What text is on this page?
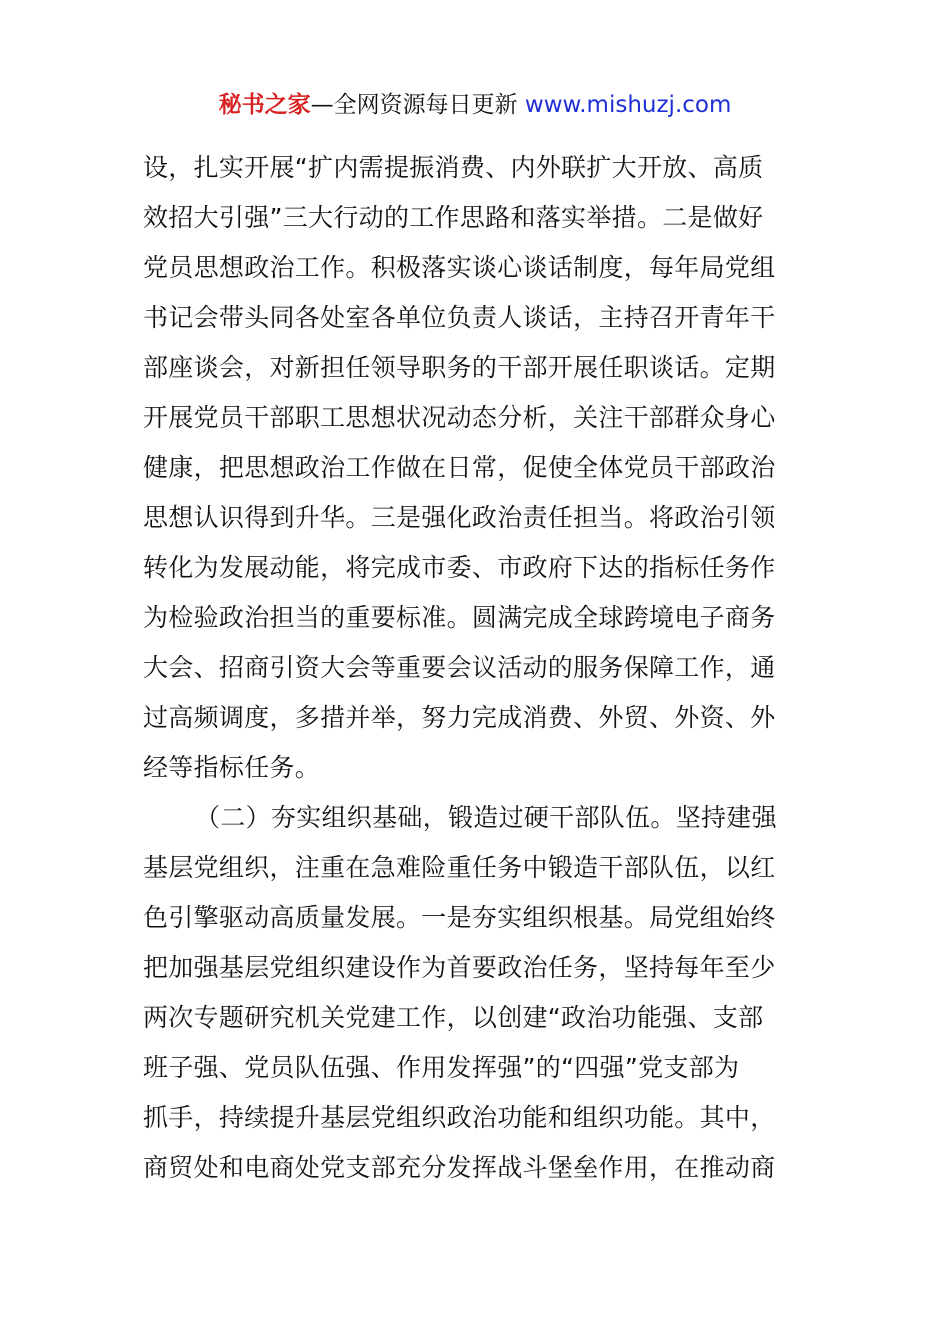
秘书之家—全网资源每日更新 www.mishuzj.com
设，扎实开展“扩内需提振消费、内外联扩大开放、高质
效招大引强”三大行动的工作思路和落实举措。二是做好
党员思想政治工作。积极落实谈心谈话制度，每年局党组
书记会带头同各处室各单位负责人谈话，主持召开青年干
部座谈会，对新担任领导职务的干部开展任职谈话。定期
开展党员干部职工思想状况动态分析，关注干部群众身心
健康，把思想政治工作做在日常，促使全体党员干部政治
思想认识得到升华。三是强化政治责任担当。将政治引领
转化为发展动能，将完成市委、市政府下达的指标任务作
为检验政治担当的重要标准。圆满完成全球跨境电子商务
大会、招商引资大会等重要会议活动的服务保障工作，通
过高频调度，多措并举，努力完成消费、外贸、外资、外
经等指标任务。
（二）夯实组织基础，锻造过硬干部队伍。坚持建强
基层党组织，注重在急难险重任务中锻造干部队伍，以红
色引擎驱动高质量发展。一是夯实组织根基。局党组始终
把加强基层党组织建设作为首要政治任务，坚持每年至少
两次专题研究机关党建工作，以创建“政治功能强、支部
班子强、党员队伍强、作用发挥强”的“四强”党支部为
抓手，持续提升基层党组织政治功能和组织功能。其中，
商贸处和电商处党支部充分发挥战斗堡垒作用，在推动商
